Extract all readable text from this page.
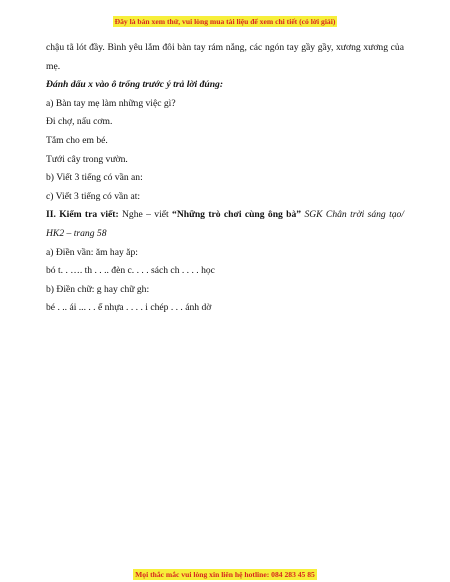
Đây là bản xem thử, vui lòng mua tài liệu để xem chi tiết (có lời giải)
chậu tã lót đầy. Bình yêu lắm đôi bàn tay rám nắng, các ngón tay gầy gầy, xương xương của mẹ.
Đánh dấu x vào ô trống trước ý trả lời đúng:
a) Bàn tay mẹ làm những việc gì?
Đi chợ, nấu cơm.
Tắm cho em bé.
Tưới cây trong vườn.
b) Viết 3 tiếng có vần an:
c) Viết 3 tiếng có vần at:
II. Kiểm tra viết: Nghe – viết “Những trò chơi cùng ông bà” SGK Chân trời sáng tạo/ HK2 – trang 58
a) Điền vần: ăm hay ăp:
bó t. . …. th . . .. đèn c. . . . sách ch . . . . học
b) Điền chữ: g hay chữ gh:
bé . .. ái ... . . ế nhựa . . . . i chép . . . ánh dờ
Mọi thắc mắc vui lòng xin liên hệ hotline: 084 283 45 85
